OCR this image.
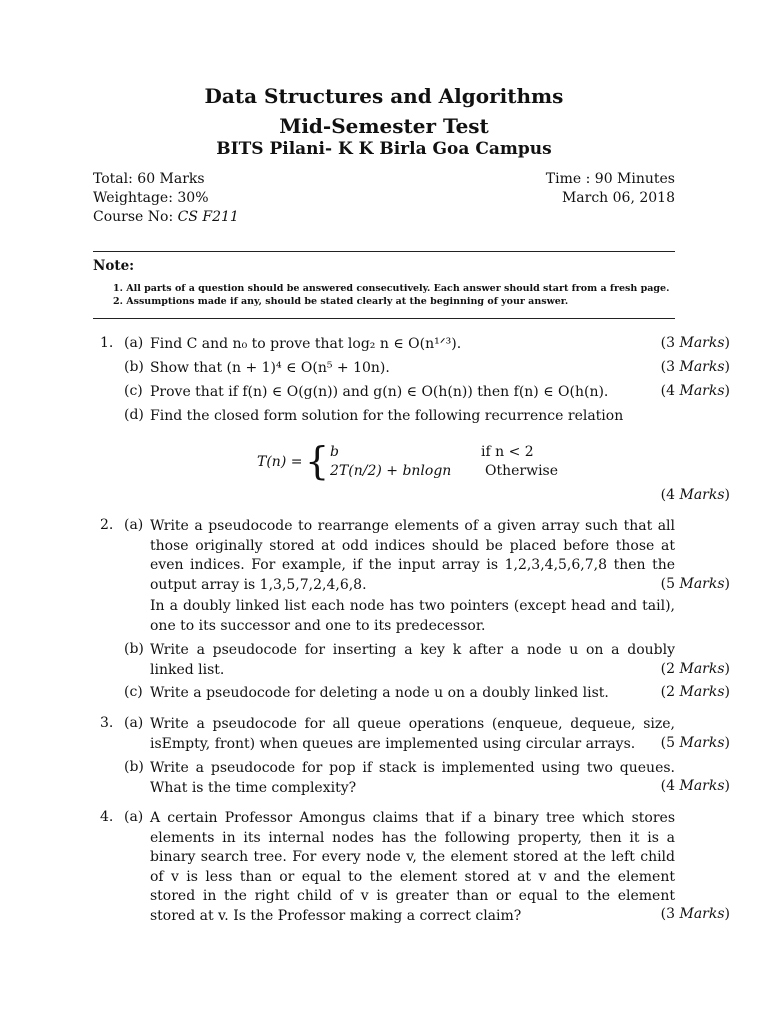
Data Structures and Algorithms
Mid-Semester Test
BITS Pilani- K K Birla Goa Campus
Total: 60 Marks
Weightage: 30%
Course No: CS F211
Time : 90 Minutes
March 06, 2018
Note:
1. All parts of a question should be answered consecutively. Each answer should start from a fresh page.
2. Assumptions made if any, should be stated clearly at the beginning of your answer.
1. (a) Find C and n₀ to prove that log₂ n ∈ O(n¹ᐟ³).	(3 Marks)
(b) Show that (n + 1)⁴ ∈ O(n⁵ + 10n).	(3 Marks)
(c) Prove that if f(n) ∈ O(g(n)) and g(n) ∈ O(h(n)) then f(n) ∈ O(h(n).	(4 Marks)
(d) Find the closed form solution for the following recurrence relation
T(n) = { b	if n < 2
2T(n/2) + bnlogn Otherwise
(4 Marks)
2. (a) Write a pseudocode to rearrange elements of a given array such that all those originally stored at odd indices should be placed before those at even indices. For example, if the input array is 1,2,3,4,5,6,7,8 then the output array is 1,3,5,7,2,4,6,8.	(5 Marks)
In a doubly linked list each node has two pointers (except head and tail), one to its successor and one to its predecessor.
(b) Write a pseudocode for inserting a key k after a node u on a doubly linked list.	(2 Marks)
(c) Write a pseudocode for deleting a node u on a doubly linked list.	(2 Marks)
3. (a) Write a pseudocode for all queue operations (enqueue, dequeue, size, isEmpty, front) when queues are implemented using circular arrays.	(5 Marks)
(b) Write a pseudocode for pop if stack is implemented using two queues. What is the time complexity?	(4 Marks)
4. (a) A certain Professor Amongus claims that if a binary tree which stores elements in its internal nodes has the following property, then it is a binary search tree. For every node v, the element stored at the left child of v is less than or equal to the element stored at v and the element stored in the right child of v is greater than or equal to the element stored at v. Is the Professor making a correct claim?	(3 Marks)
